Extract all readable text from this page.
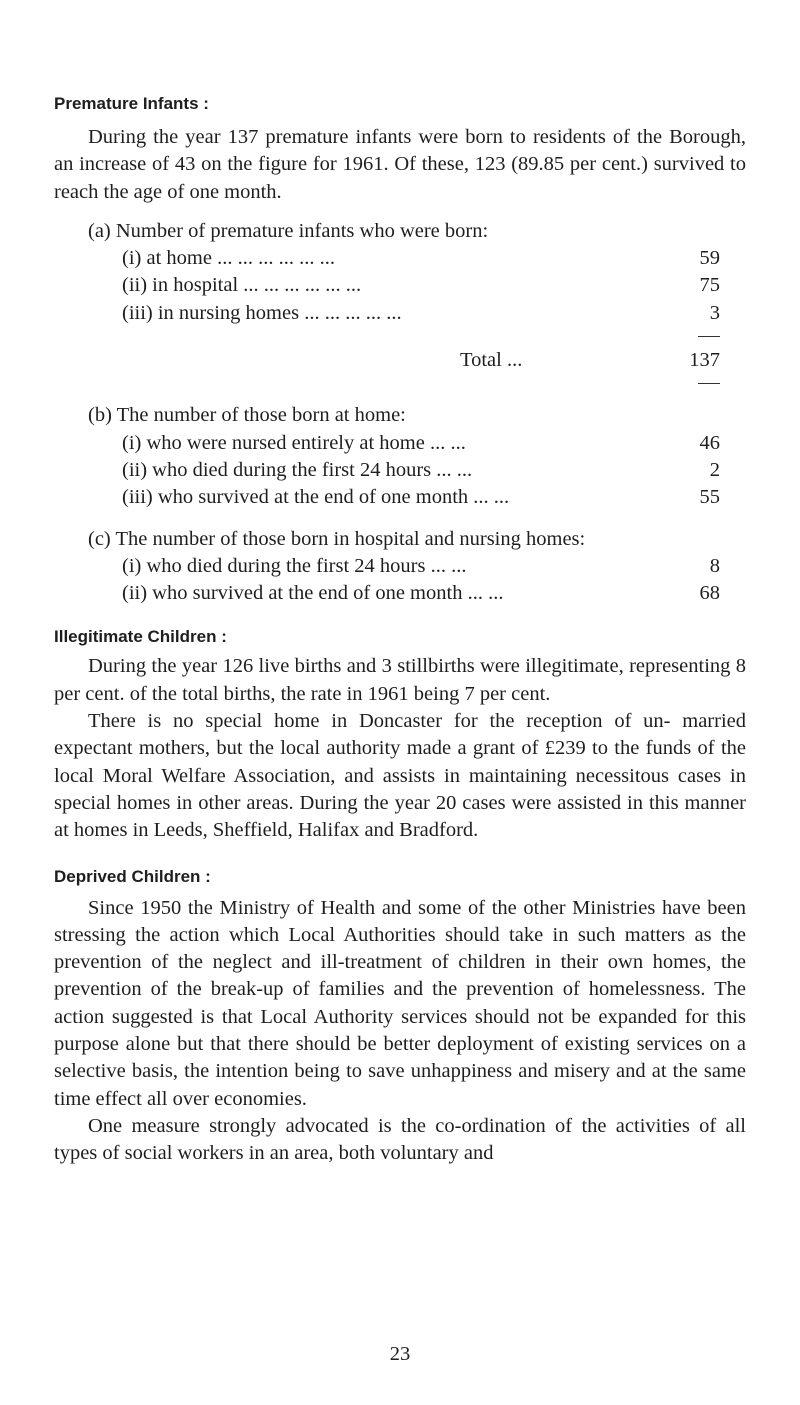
Premature Infants :

During the year 137 premature infants were born to residents of the Borough, an increase of 43 on the figure for 1961. Of these, 123 (89.85 per cent.) survived to reach the age of one month.

(a) Number of premature infants who were born:

(i) at home ... ... ... ... ... ...	59
(ii) in hospital ... ... ... ... ... ...	75
(iii) in nursing homes ... ... ... ... ...	3
Total ...	137

(b) The number of those born at home:

(i) who were nursed entirely at home ... ...	46
(ii) who died during the first 24 hours ... ...	2
(iii) who survived at the end of one month ... ...	55

(c) The number of those born in hospital and nursing homes:

(i) who died during the first 24 hours ... ...	8
(ii) who survived at the end of one month ... ...	68

Illegitimate Children :

During the year 126 live births and 3 stillbirths were illegitimate, representing 8 per cent. of the total births, the rate in 1961 being 7 per cent.

There is no special home in Doncaster for the reception of un- married expectant mothers, but the local authority made a grant of £239 to the funds of the local Moral Welfare Association, and assists in maintaining necessitous cases in special homes in other areas. During the year 20 cases were assisted in this manner at homes in Leeds, Sheffield, Halifax and Bradford.

Deprived Children :

Since 1950 the Ministry of Health and some of the other Ministries have been stressing the action which Local Authorities should take in such matters as the prevention of the neglect and ill-treatment of children in their own homes, the prevention of the break-up of families and the prevention of homelessness. The action suggested is that Local Authority services should not be expanded for this purpose alone but that there should be better deployment of existing services on a selective basis, the intention being to save unhappiness and misery and at the same time effect all over economies.

One measure strongly advocated is the co-ordination of the activities of all types of social workers in an area, both voluntary and

23
